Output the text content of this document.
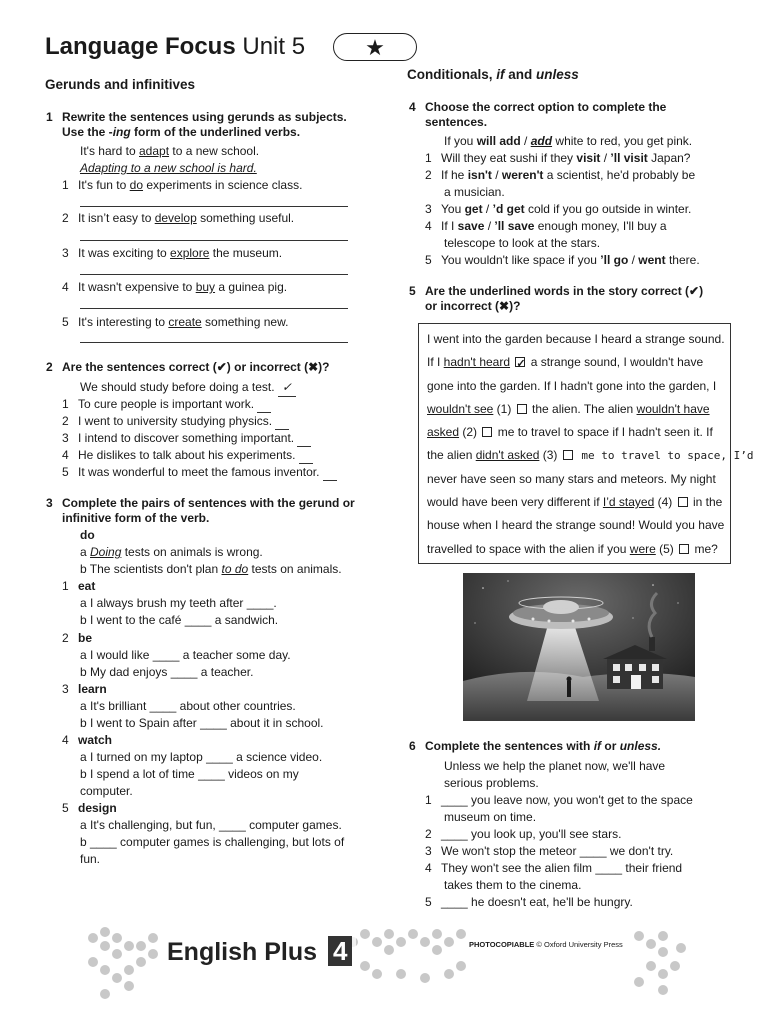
Language Focus Unit 5	★
Gerunds and infinitives
1 Rewrite the sentences using gerunds as subjects.
Use the -ing form of the underlined verbs.
It's hard to adapt to a new school.
Adapting to a new school is hard.
1 It's fun to do experiments in science class.
2 It isn’t easy to develop something useful.
3 It was exciting to explore the museum.
4 It wasn't expensive to buy a guinea pig.
5 It's interesting to create something new.
2 Are the sentences correct (✔) or incorrect (✖)?
We should study before doing a test. ✓
1 To cure people is important work.
2 I went to university studying physics.
3 I intend to discover something important.
4 He dislikes to talk about his experiments.
5 It was wonderful to meet the famous inventor.
3 Complete the pairs of sentences with the gerund or
infinitive form of the verb.
do
a Doing tests on animals is wrong.
b The scientists don't plan to do tests on animals.
1 eat
a I always brush my teeth after ____.
b I went to the café ____ a sandwich.
2 be
a I would like ____ a teacher some day.
b My dad enjoys ____ a teacher.
3 learn
a It's brilliant ____ about other countries.
b I went to Spain after ____ about it in school.
4 watch
a I turned on my laptop ____ a science video.
b I spend a lot of time ____ videos on my
computer.
5 design
a It's challenging, but fun, ____ computer games.
b ____ computer games is challenging, but lots of
fun.
Conditionals, if and unless
4 Choose the correct option to complete the
sentences.
If you will add / add white to red, you get pink.
1 Will they eat sushi if they visit / ’ll visit Japan?
2 If he isn't / weren't a scientist, he'd probably be
a musician.
3 You get / ’d get cold if you go outside in winter.
4 If I save / ’ll save enough money, I'll buy a
telescope to look at the stars.
5 You wouldn't like space if you ’ll go / went there.
5 Are the underlined words in the story correct (✔)
or incorrect (✖)?
I went into the garden because I heard a strange sound.
If I hadn't heard ✓ a strange sound, I wouldn't have
gone into the garden. If I hadn't gone into the garden, I
wouldn't see (1)  the alien. The alien wouldn't have
asked (2)  me to travel to space if I hadn't seen it. If
the alien didn't asked (3)  me to travel to space, I’d
never have seen so many stars and meteors. My night
would have been very different if I’d stayed (4)  in the
house when I heard the strange sound! Would you have
travelled to space with the alien if you were (5)  me?
6 Complete the sentences with if or unless.
Unless we help the planet now, we'll have
serious problems.
1 ____ you leave now, you won't get to the space
museum on time.
2 ____ you look up, you'll see stars.
3 We won't stop the meteor ____ we don't try.
4 They won't see the alien film ____ their friend
takes them to the cinema.
5 ____ he doesn't eat, he'll be hungry.
English Plus 4	PHOTOCOPIABLE © Oxford University Press
